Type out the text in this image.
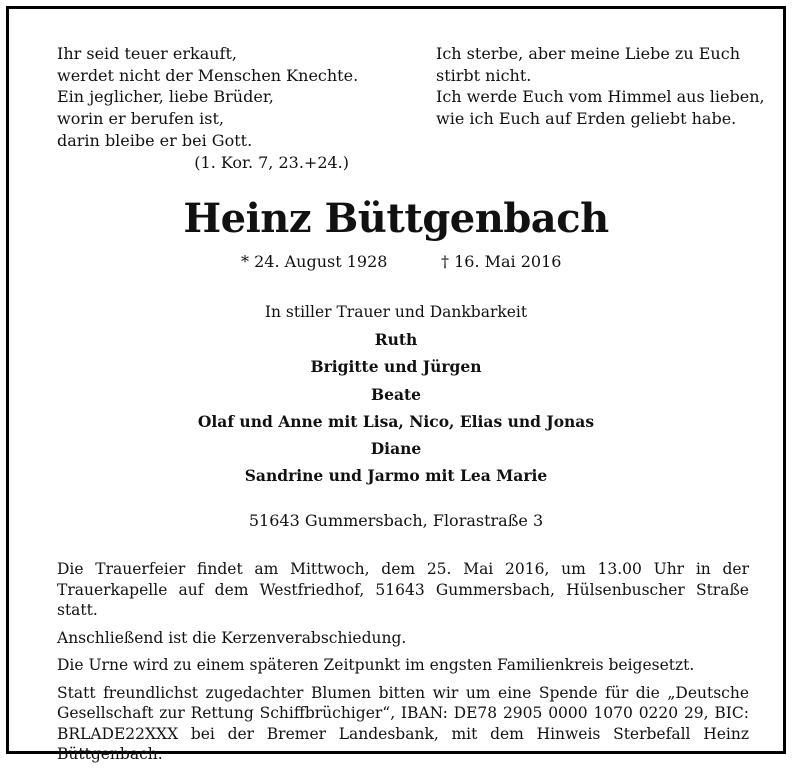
Ihr seid teuer erkauft,
werdet nicht der Menschen Knechte.
Ein jeglicher, liebe Brüder,
worin er berufen ist,
darin bleibe er bei Gott.
(1. Kor. 7, 23.+24.)
Ich sterbe, aber meine Liebe zu Euch
stirbt nicht.
Ich werde Euch vom Himmel aus lieben,
wie ich Euch auf Erden geliebt habe.
Heinz Büttgenbach
* 24. August 1928	† 16. Mai 2016
In stiller Trauer und Dankbarkeit
Ruth
Brigitte und Jürgen
Beate
Olaf und Anne mit Lisa, Nico, Elias und Jonas
Diane
Sandrine und Jarmo mit Lea Marie
51643 Gummersbach, Florastraße 3

Die Trauerfeier findet am Mittwoch, dem 25. Mai 2016, um 13.00 Uhr in der Trauerkapelle auf dem Westfriedhof, 51643 Gummersbach, Hülsenbuscher Straße statt.

Anschließend ist die Kerzenverabschiedung.

Die Urne wird zu einem späteren Zeitpunkt im engsten Familienkreis beigesetzt.

Statt freundlichst zugedachter Blumen bitten wir um eine Spende für die „Deutsche Gesellschaft zur Rettung Schiffbrüchiger“, IBAN: DE78 2905 0000 1070 0220 29, BIC: BRLADE22XXX bei der Bremer Landesbank, mit dem Hinweis Sterbefall Heinz Büttgenbach.
